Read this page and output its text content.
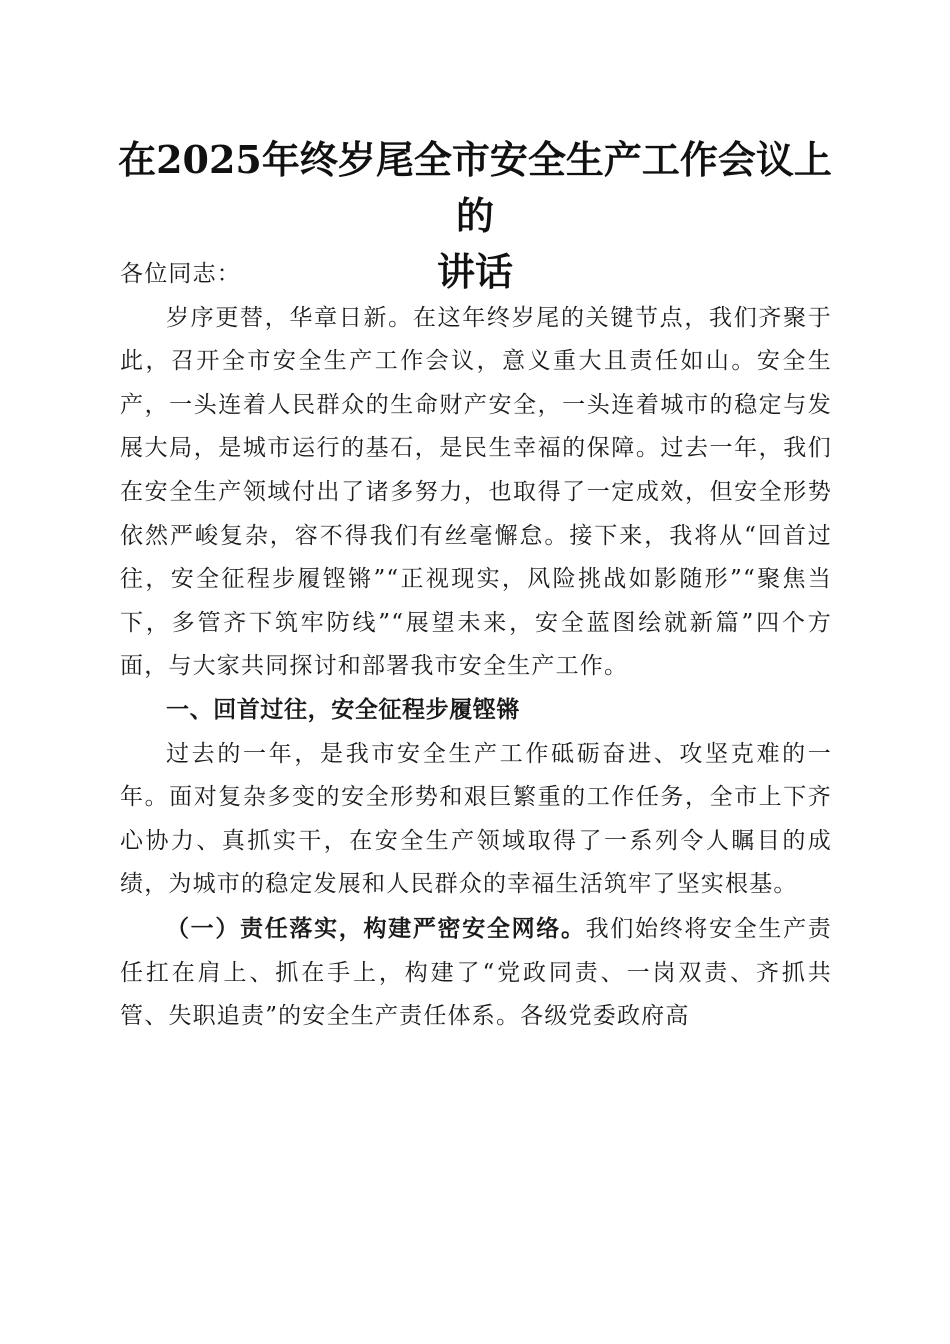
在2025年终岁尾全市安全生产工作会议上的
讲话

各位同志：

岁序更替，华章日新。在这年终岁尾的关键节点，我们齐聚于此，召开全市安全生产工作会议，意义重大且责任如山。安全生产，一头连着人民群众的生命财产安全，一头连着城市的稳定与发展大局，是城市运行的基石，是民生幸福的保障。过去一年，我们在安全生产领域付出了诸多努力，也取得了一定成效，但安全形势依然严峻复杂，容不得我们有丝毫懈怠。接下来，我将从“回首过往，安全征程步履铿锵”“正视现实，风险挑战如影随形”“聚焦当下，多管齐下筑牢防线”“展望未来，安全蓝图绘就新篇”四个方面，与大家共同探讨和部署我市安全生产工作。

一、回首过往，安全征程步履铿锵

过去的一年，是我市安全生产工作砥砺奋进、攻坚克难的一年。面对复杂多变的安全形势和艰巨繁重的工作任务，全市上下齐心协力、真抓实干，在安全生产领域取得了一系列令人瞩目的成绩，为城市的稳定发展和人民群众的幸福生活筑牢了坚实根基。

（一）责任落实，构建严密安全网络。我们始终将安全生产责任扛在肩上、抓在手上，构建了“党政同责、一岗双责、齐抓共管、失职追责”的安全生产责任体系。各级党委政府高
